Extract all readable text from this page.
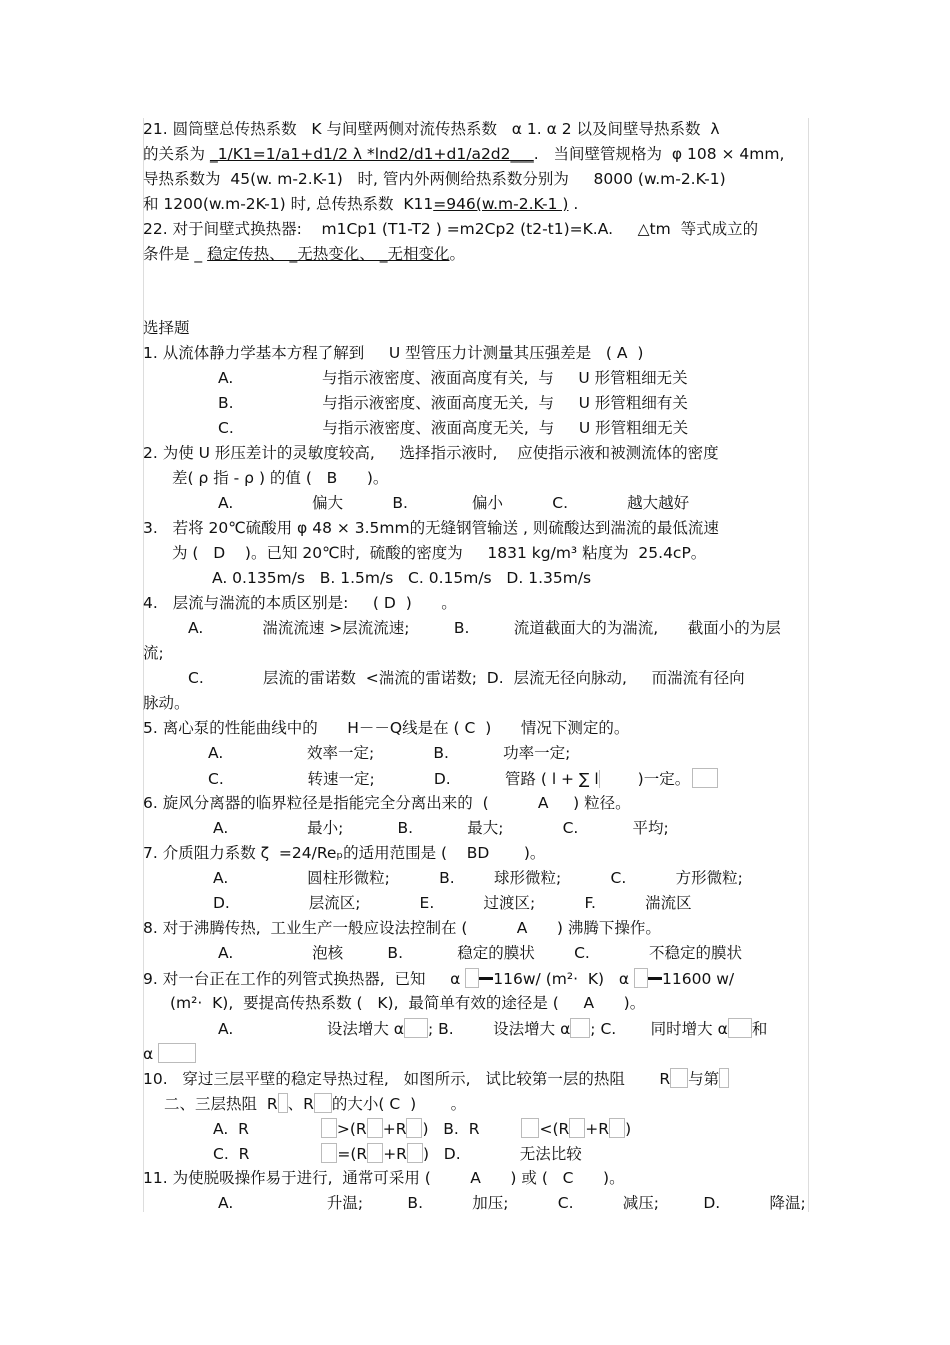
21. 圆筒壁总传热系数   K 与间壁两侧对流传热系数   α 1. α 2 以及间壁导热系数  λ
的关系为 _1/K1=1/a1+d1/2 λ *lnd2/d1+d1/a2d2___.   当间壁管规格为  φ 108 × 4mm,
导热系数为  45(w. m-2.K-1)   时, 管内外两侧给热系数分别为     8000 (w.m-2.K-1)
和 1200(w.m-2K-1) 时, 总传热系数  K11=946(w.m-2.K-1 ) .
22. 对于间壁式换热器:    m1Cp1 (T1-T2 ) =m2Cp2 (t2-t1)=K.A.     △tm  等式成立的
条件是 _ 稳定传热、 _无热变化、 _无相变化。
选择题
1. 从流体静力学基本方程了解到     U 型管压力计测量其压强差是   ( A  )
A.                  与指示液密度、液面高度有关,  与     U 形管粗细无关
B.                  与指示液密度、液面高度无关,  与     U 形管粗细有关
C.                  与指示液密度、液面高度无关,  与     U 形管粗细无关
2. 为使 U 形压差计的灵敏度较高,     选择指示液时,    应使指示液和被测流体的密度
差( ρ 指 - ρ ) 的值 (   B      )。
A.                偏大          B.             偏小          C.            越大越好
3.   若将 20℃硫酸用 φ 48 × 3.5mm的无缝钢管输送 , 则硫酸达到湍流的最低流速
为 (   D    )。已知 20℃时,  硫酸的密度为     1831 kg/m³ 粘度为  25.4cP。
A. 0.135m/s   B. 1.5m/s   C. 0.15m/s   D. 1.35m/s
4.   层流与湍流的本质区别是:     ( D  )      。
A.            湍流流速 >层流流速;         B.         流道截面大的为湍流,      截面小的为层
流;
C.            层流的雷诺数  <湍流的雷诺数;  D.  层流无径向脉动,     而湍流有径向
脉动。
5. 离心泵的性能曲线中的      H－－Q线是在 ( C  )      情况下测定的。
A.                 效率一定;            B.           功率一定;
C.                 转速一定;            D.           管路 ( l + ∑ l	)一定。
6. 旋风分离器的临界粒径是指能完全分离出来的  (          A     ) 粒径。
A.                最小;           B.           最大;            C.           平均;
7. 介质阻力系数 ζ  =24/Reₚ的适用范围是 (    BD       )。
A.                圆柱形微粒;          B.        球形微粒;          C.          方形微粒;
D.                层流区;            E.          过渡区;          F.          湍流区
8. 对于沸腾传热,  工业生产一般应设法控制在 (          A      ) 沸腾下操作。
A.                泡核         B.           稳定的膜状        C.            不稳定的膜状
9. 对一台正在工作的列管式换热器,  已知     α 116w/ (m²·  K)   α 11600 w/
(m²·  K),  要提高传热系数 (   K),  最简单有效的途径是 (     A      )。
A.                   设法增大 α ; B.        设法增大 α ; C.       同时增大 α 和
α
10.   穿过三层平壁的稳定导热过程,   如图所示,   试比较第一层的热阻       R 与第
二、三层热阻  R 、R 的大小( C  )       。
A.  R	>(R +R )   B.  R	<(R +R )
C.  R	=(R +R )   D.            无法比较
11. 为使脱吸操作易于进行,  通常可采用 (        A      ) 或 (   C      )。
A.                   升温;         B.          加压;          C.          减压;         D.          降温;
